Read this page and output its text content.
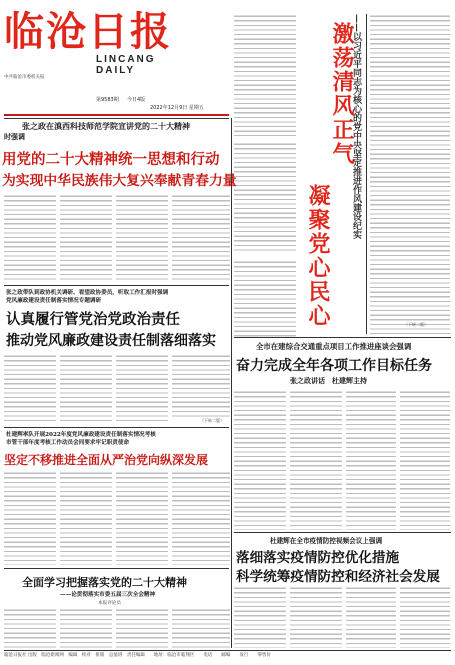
临沧日报
LINCANG DAILY
中共临沧市委机关报
第9583期 　 今日4版
2022年12月9日 星期五	激荡清风正气
凝聚党心民心
——以习近平同志为核心的党中央坚定推进作风建设纪实
（下转二版）
张之政在滇西科技师范学院宣讲党的二十大精神
时强调
用党的二十大精神统一思想和行动
为实现中华民族伟大复兴奉献青春力量
张之政带队到政协机关调研、看望政协委员，听取工作汇报时强调
党风廉政建设责任制落实情况专题调研
认真履行管党治党政治责任
推动党风廉政建设责任制落细落实
（下转二版）
杜建辉率队开展2022年度党风廉政建设责任制落实情况考核
市管干部年度考核工作动员会同要求牢记职责使命
坚定不移推进全面从严治党向纵深发展
全面学习把握落实党的二十大精神
——论贯彻落实市委五届三次全会精神
本报评论员
全市在建综合交通重点项目工作推进座谈会强调
奋力完成全年各项工作目标任务
张之政讲话　杜建辉主持
杜建辉在全市疫情防控视频会议上强调
落细落实疫情防控优化措施
科学统筹疫情防控和经济社会发展
临沧日报社 出版　临沧新闻网　编辑　校对　排版　总值班　责任编辑　　地址：临沧市临翔区　　电话　　邮编　　发行　　零售价
